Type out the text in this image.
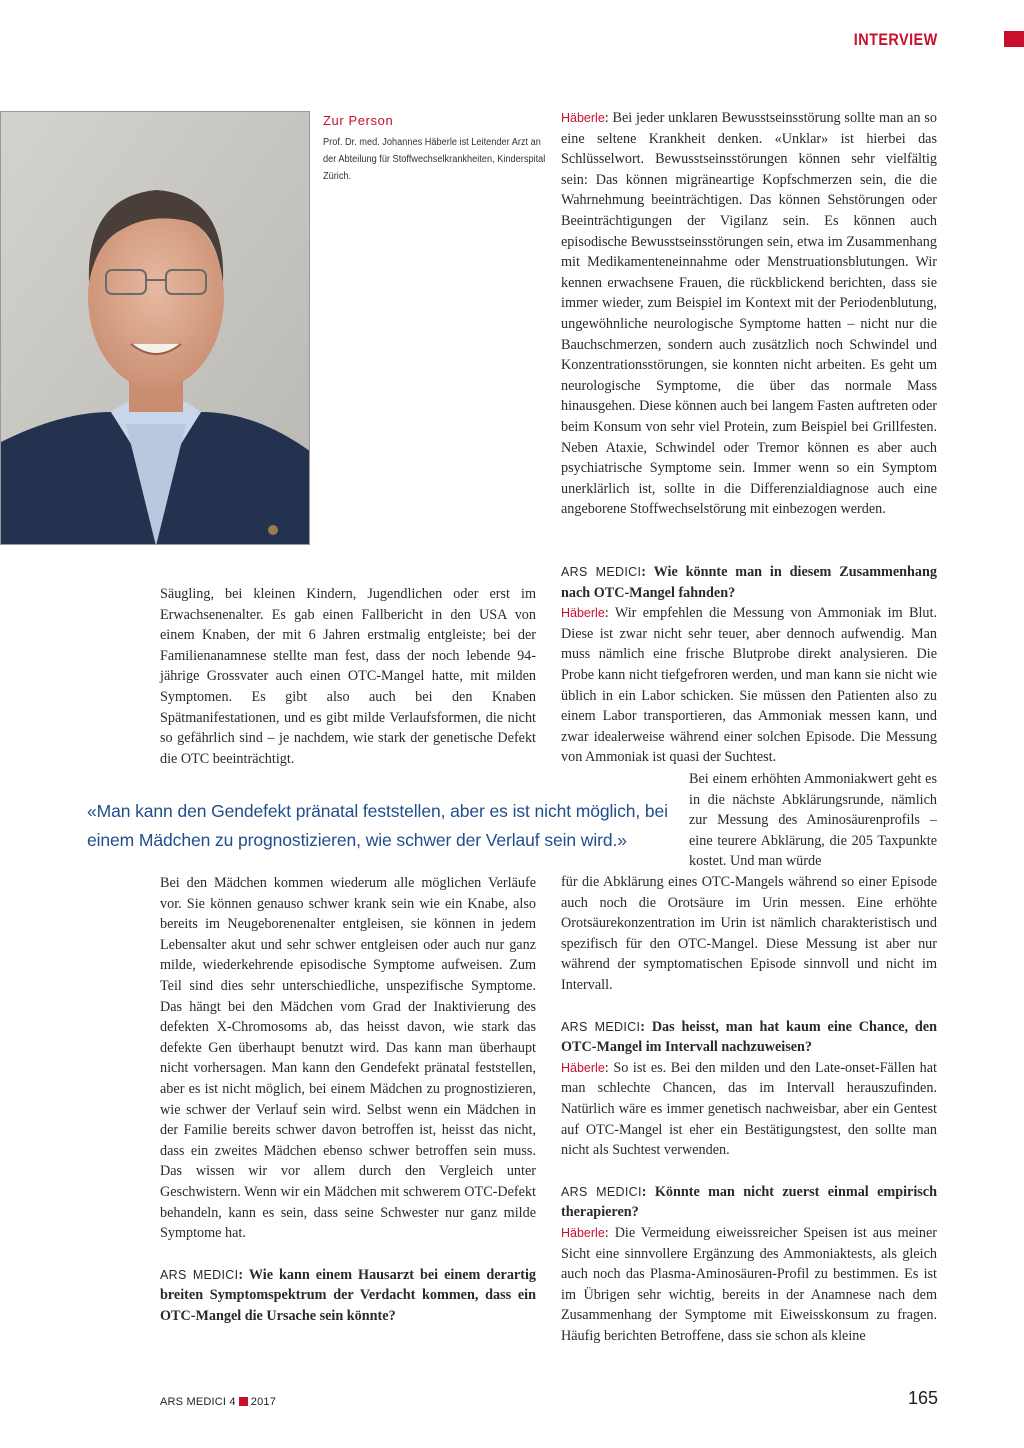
INTERVIEW
Zur Person
Prof. Dr. med. Johannes Häberle ist Leitender Arzt an der Abteilung für Stoffwechselkrankheiten, Kinderspital Zürich.

Säugling, bei kleinen Kindern, Jugendlichen oder erst im Erwachsenenalter. Es gab einen Fallbericht in den USA von einem Knaben, der mit 6 Jahren erstmalig entgleiste; bei der Familienanamnese stellte man fest, dass der noch lebende 94-jährige Grossvater auch einen OTC-Mangel hatte, mit milden Symptomen. Es gibt also auch bei den Knaben Spätmanifestationen, und es gibt milde Verlaufsformen, die nicht so gefährlich sind – je nachdem, wie stark der genetische Defekt die OTC beeinträchtigt.

«Man kann den Gendefekt pränatal feststellen, aber es ist nicht möglich, bei einem Mädchen zu prognostizieren, wie schwer der Verlauf sein wird.»

Bei den Mädchen kommen wiederum alle möglichen Verläufe vor. Sie können genauso schwer krank sein wie ein Knabe, also bereits im Neugeborenenalter entgleisen, sie können in jedem Lebensalter akut und sehr schwer entgleisen oder auch nur ganz milde, wiederkehrende episodische Symptome aufweisen. Zum Teil sind dies sehr unterschiedliche, unspezifische Symptome. Das hängt bei den Mädchen vom Grad der Inaktivierung des defekten X-Chromosoms ab, das heisst davon, wie stark das defekte Gen überhaupt benutzt wird. Das kann man überhaupt nicht vorhersagen. Man kann den Gendefekt pränatal feststellen, aber es ist nicht möglich, bei einem Mädchen zu prognostizieren, wie schwer der Verlauf sein wird. Selbst wenn ein Mädchen in der Familie bereits schwer davon betroffen ist, heisst das nicht, dass ein zweites Mädchen ebenso schwer betroffen sein muss. Das wissen wir vor allem durch den Vergleich unter Geschwistern. Wenn wir ein Mädchen mit schwerem OTC-Defekt behandeln, kann es sein, dass seine Schwester nur ganz milde Symptome hat.

ARS MEDICI: Wie kann einem Hausarzt bei einem derartig breiten Symptomspektrum der Verdacht kommen, dass ein OTC-Mangel die Ursache sein könnte?

Häberle: Bei jeder unklaren Bewusstseinsstörung sollte man an so eine seltene Krankheit denken. «Unklar» ist hierbei das Schlüsselwort. Bewusstseinsstörungen können sehr vielfältig sein: Das können migräneartige Kopfschmerzen sein, die die Wahrnehmung beeinträchtigen. Das können Sehstörungen oder Beeinträchtigungen der Vigilanz sein. Es können auch episodische Bewusstseinsstörungen sein, etwa im Zusammenhang mit Medikamenteneinnahme oder Menstruationsblutungen. Wir kennen erwachsene Frauen, die rückblickend berichten, dass sie immer wieder, zum Beispiel im Kontext mit der Periodenblutung, ungewöhnliche neurologische Symptome hatten – nicht nur die Bauchschmerzen, sondern auch zusätzlich noch Schwindel und Konzentrationsstörungen, sie konnten nicht arbeiten. Es geht um neurologische Symptome, die über das normale Mass hinausgehen. Diese können auch bei langem Fasten auftreten oder beim Konsum von sehr viel Protein, zum Beispiel bei Grillfesten. Neben Ataxie, Schwindel oder Tremor können es aber auch psychiatrische Symptome sein. Immer wenn so ein Symptom unerklärlich ist, sollte in die Differenzialdiagnose auch eine angeborene Stoffwechselstörung mit einbezogen werden.

ARS MEDICI: Wie könnte man in diesem Zusammenhang nach OTC-Mangel fahnden?

Häberle: Wir empfehlen die Messung von Ammoniak im Blut. Diese ist zwar nicht sehr teuer, aber dennoch aufwendig. Man muss nämlich eine frische Blutprobe direkt analysieren. Die Probe kann nicht tiefgefroren werden, und man kann sie nicht wie üblich in ein Labor schicken. Sie müssen den Patienten also zu einem Labor transportieren, das Ammoniak messen kann, und zwar idealerweise während einer solchen Episode. Die Messung von Ammoniak ist quasi der Suchtest.

Bei einem erhöhten Ammoniakwert geht es in die nächste Abklärungsrunde, nämlich zur Messung des Aminosäurenprofils – eine teurere Abklärung, die 205 Taxpunkte kostet. Und man würde

für die Abklärung eines OTC-Mangels während so einer Episode auch noch die Orotsäure im Urin messen. Eine erhöhte Orotsäurekonzentration im Urin ist nämlich charakteristisch und spezifisch für den OTC-Mangel. Diese Messung ist aber nur während der symptomatischen Episode sinnvoll und nicht im Intervall.

ARS MEDICI: Das heisst, man hat kaum eine Chance, den OTC-Mangel im Intervall nachzuweisen?

Häberle: So ist es. Bei den milden und den Late-onset-Fällen hat man schlechte Chancen, das im Intervall herauszufinden. Natürlich wäre es immer genetisch nachweisbar, aber ein Gentest auf OTC-Mangel ist eher ein Bestätigungstest, den sollte man nicht als Suchtest verwenden.

ARS MEDICI: Könnte man nicht zuerst einmal empirisch therapieren?

Häberle: Die Vermeidung eiweissreicher Speisen ist aus meiner Sicht eine sinnvollere Ergänzung des Ammoniaktests, als gleich auch noch das Plasma-Aminosäuren-Profil zu bestimmen. Es ist im Übrigen sehr wichtig, bereits in der Anamnese nach dem Zusammenhang der Symptome mit Eiweisskonsum zu fragen. Häufig berichten Betroffene, dass sie schon als kleine

ARS MEDICI 4 2017	165
